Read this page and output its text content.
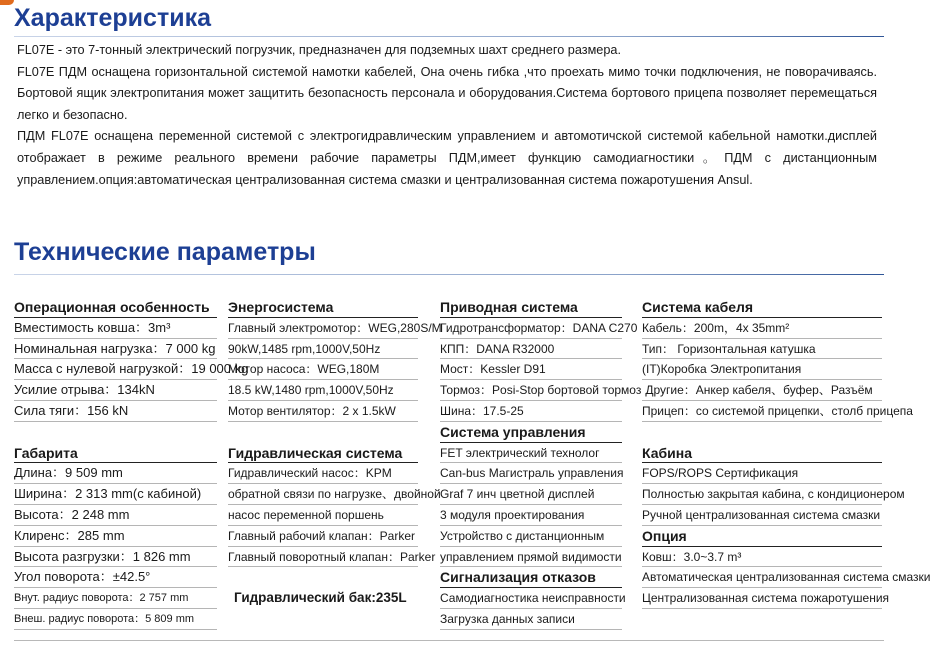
Характеристика

FL07E - это 7-тонный электрический погрузчик, предназначен для подземных шахт среднего размера.

FL07E ПДМ оснащена горизонтальной системой намотки кабелей, Она очень гибка ,что проехать мимо точки подключения, не поворачиваясь. Бортовой ящик электропитания может защитить безопасность персонала и оборудования.Система бортового прицепа позволяет перемещаться легко и безопасно.

ПДМ FL07E оснащена переменной системой с электрогидравлическим управлением и автомотичской системой кабельной намотки.дисплей отображает в режиме реального времени рабочие параметры ПДМ,имеет функцию самодиагностики。ПДМ с дистанционным управлением.опция:автоматическая централизованная система смазки и централизованная система пожаротушения Ansul.

Технические параметры
Операционная особенность
Вместимость ковша：3m³
Номинальная нагрузка：7 000 kg
Масса с нулевой нагрузкой：19 000 kg
Усилие отрыва：134kN
Сила тяги：156 kN
Габарита
Длина：9 509 mm
Ширина：2 313 mm(с кабиной)
Высота：2 248 mm
Клиренс：285 mm
Высота разгрузки：1 826 mm
Угол поворота：±42.5°
Внут. радиус поворота：2 757 mm
Внеш. радиус поворота：5 809 mm
Энергосистема
Главный электромотор：WEG,280S/M
90kW,1485 rpm,1000V,50Hz
Мотор насоса：WEG,180M
18.5 kW,1480 rpm,1000V,50Hz
Мотор вентилятор：2 x 1.5kW
Гидравлическая система
Гидравлический насос：KPM
обратной связи по нагрузке、двойной
насос переменной поршень
Главный рабочий клапан：Parker
Главный поворотный клапан：Parker
Гидравлический бак:235L
Приводная система
Гидротрансформатор：DANA C270
КПП：DANA R32000
Мост：Kessler D91
Тормоз：Posi-Stop бортовой тормоз
Шина：17.5-25
Система управления
FET электрический технолог
Can-bus Магистраль управления
Graf 7 инч цветной дисплей
3 модуля проектирования
Устройство с дистанционным
управлением прямой видимости
Сигнализация отказов
Самодиагностика неисправности
Загрузка данных записи
Система кабеля
Кабель：200m，4x 35mm²
Тип： Горизонтальная катушка
(IT)Коробка Электропитания
Другие：Анкер кабеля、буфер、Разъём
Прицеп：со системой прицепки、столб прицепа
Кабина
FOPS/ROPS Сертификация
Полностью закрытая кабина, с кондиционером
Ручной централизованная система смазки
Опция
Ковш：3.0~3.7 m³
Автоматическая централизованная система смазки
Централизованная система пожаротушения
